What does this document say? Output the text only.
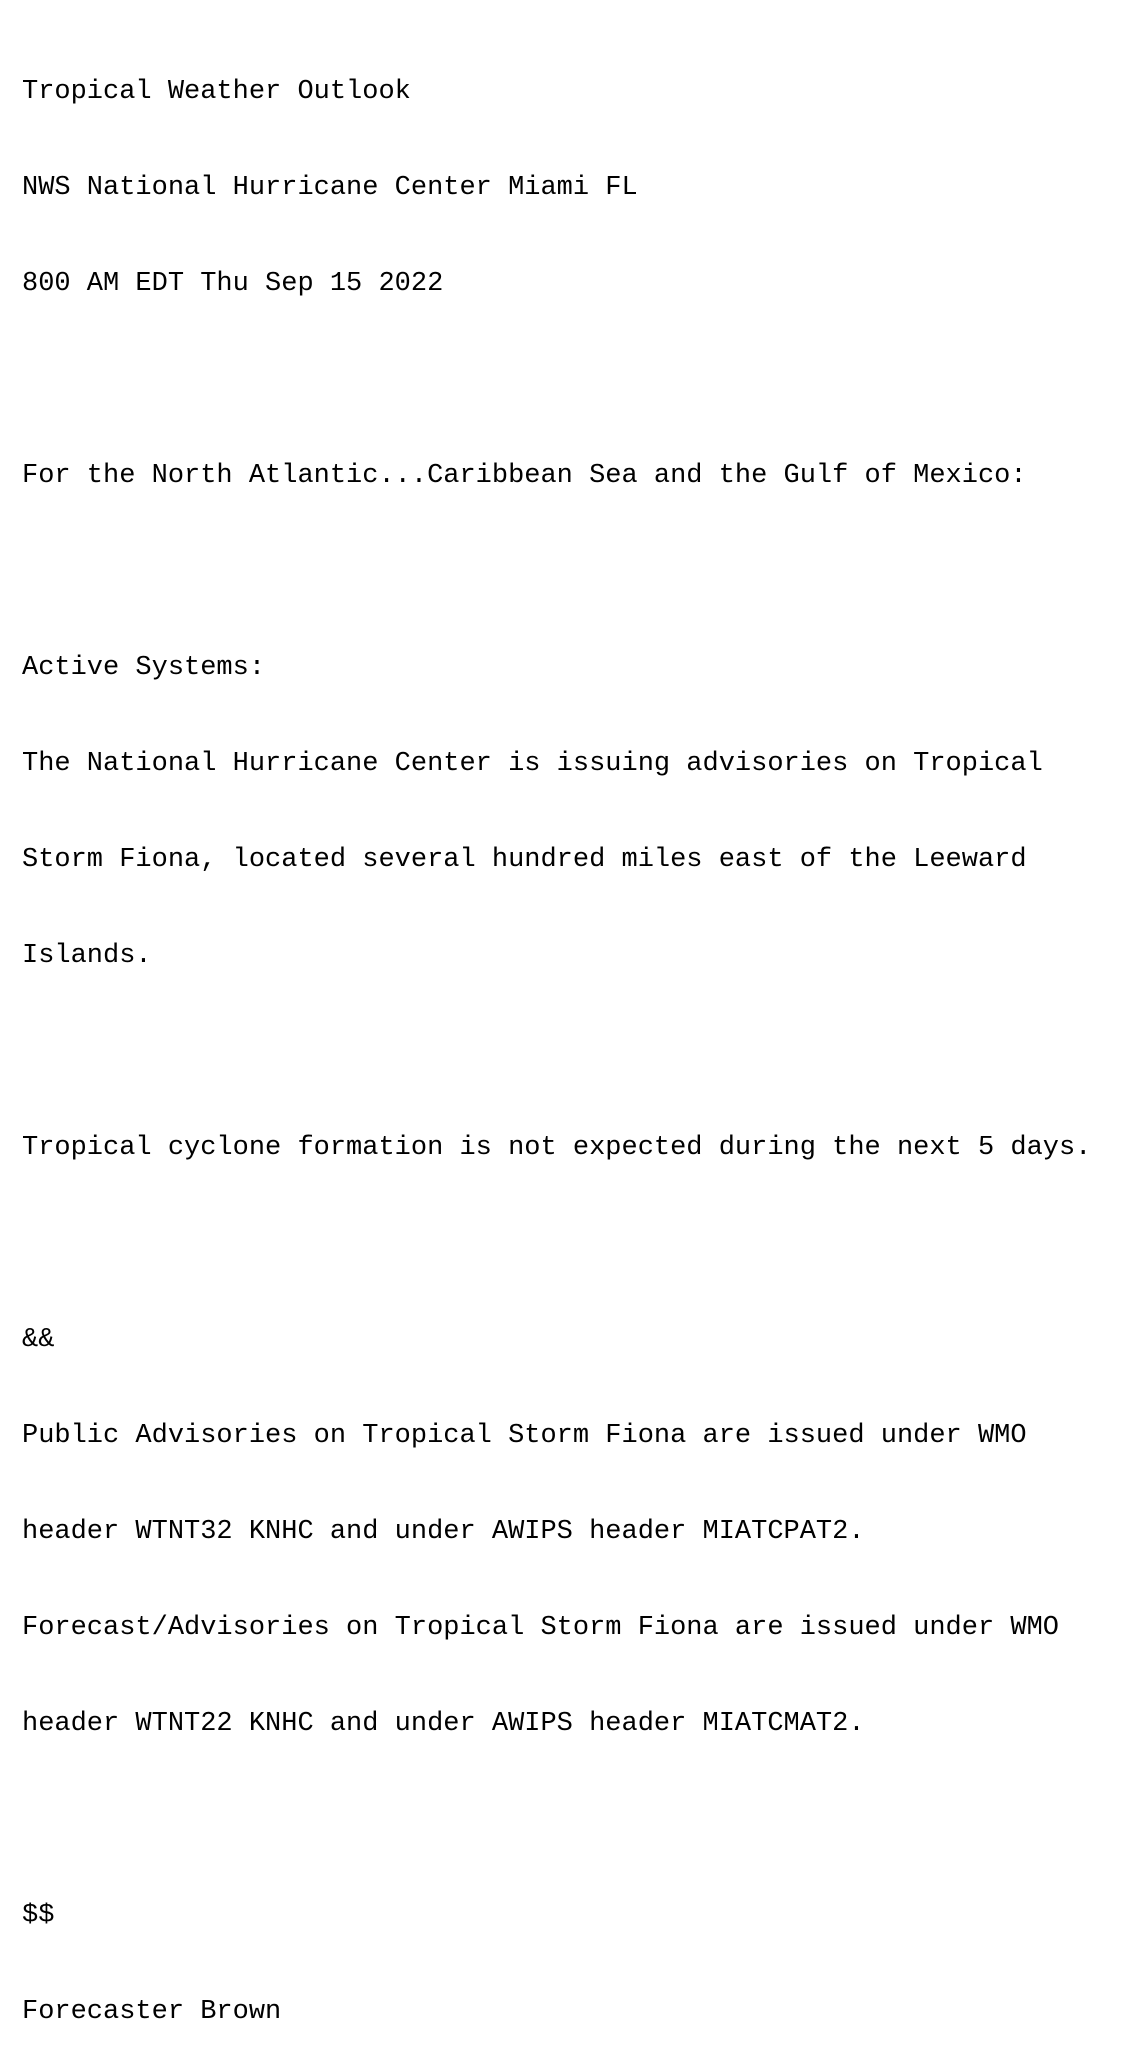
Tropical Weather Outlook

NWS National Hurricane Center Miami FL

800 AM EDT Thu Sep 15 2022

For the North Atlantic...Caribbean Sea and the Gulf of Mexico:

Active Systems:

The National Hurricane Center is issuing advisories on Tropical

Storm Fiona, located several hundred miles east of the Leeward

Islands.

Tropical cyclone formation is not expected during the next 5 days.

&&

Public Advisories on Tropical Storm Fiona are issued under WMO

header WTNT32 KNHC and under AWIPS header MIATCPAT2.

Forecast/Advisories on Tropical Storm Fiona are issued under WMO

header WTNT22 KNHC and under AWIPS header MIATCMAT2.

$$

Forecaster Brown
